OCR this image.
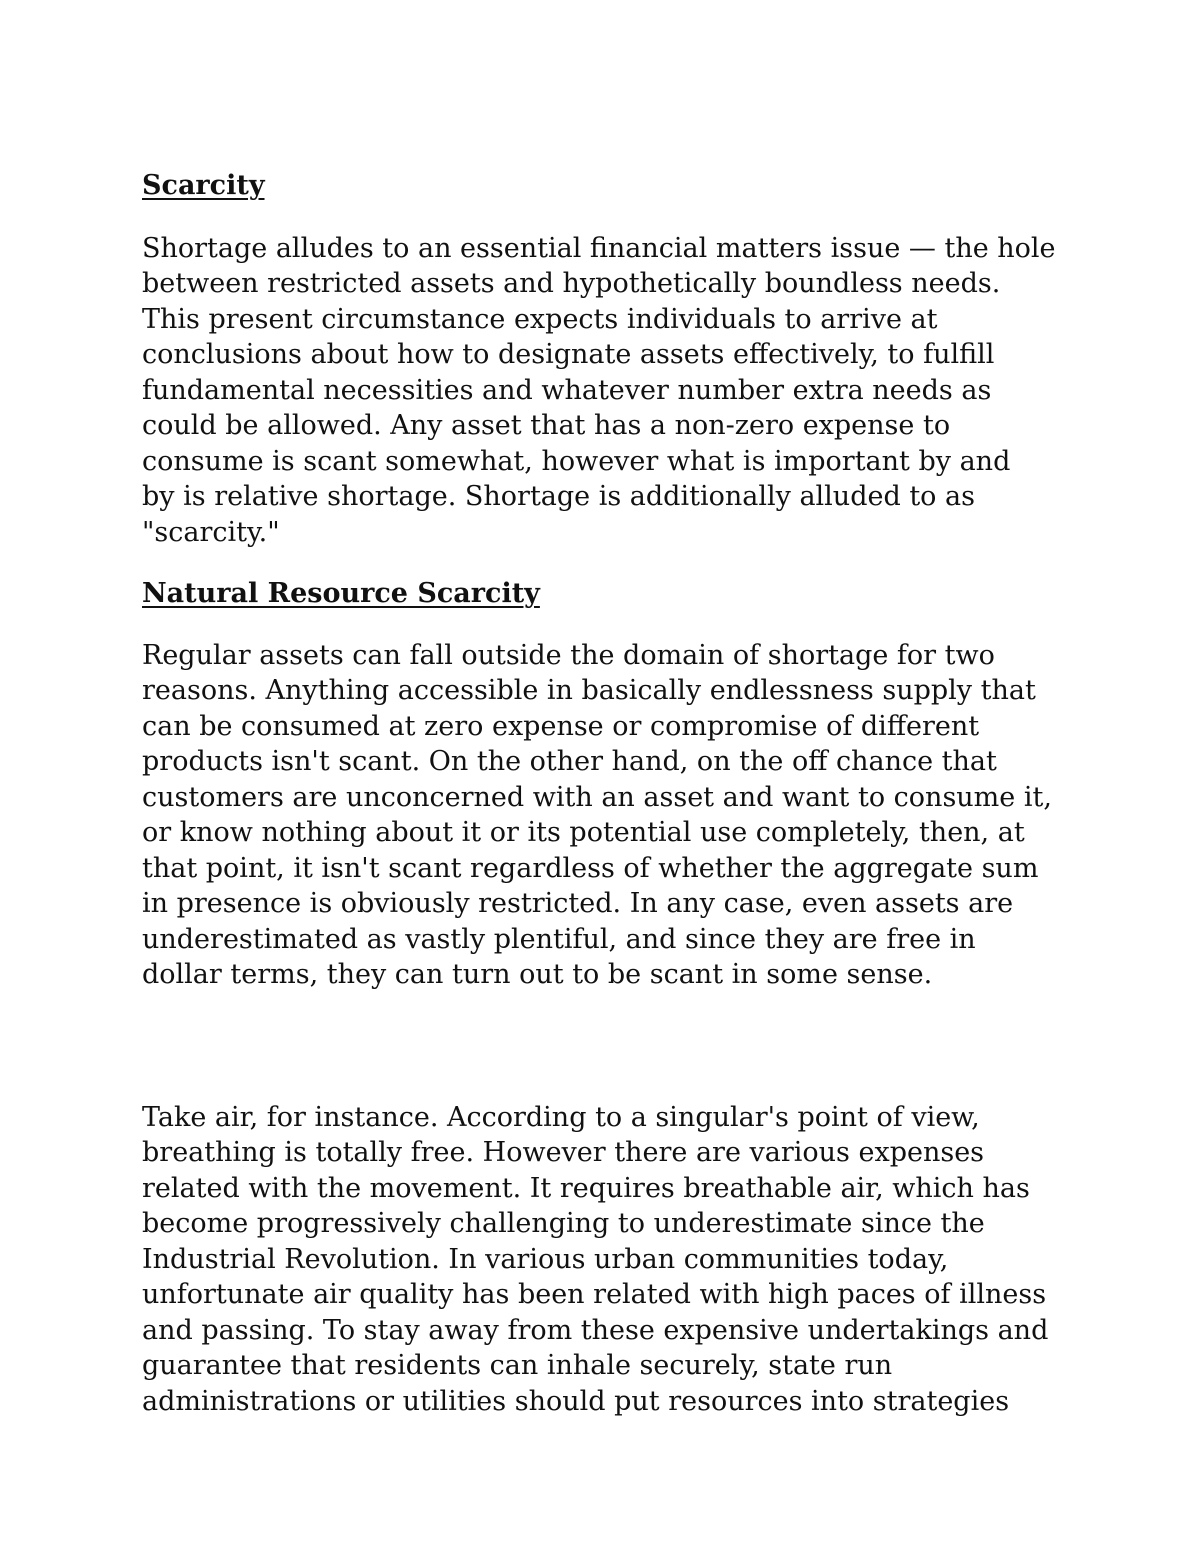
Scarcity

Shortage alludes to an essential financial matters issue — the hole
between restricted assets and hypothetically boundless needs.
This present circumstance expects individuals to arrive at
conclusions about how to designate assets effectively, to fulfill
fundamental necessities and whatever number extra needs as
could be allowed. Any asset that has a non-zero expense to
consume is scant somewhat, however what is important by and
by is relative shortage. Shortage is additionally alluded to as
"scarcity."

Natural Resource Scarcity

Regular assets can fall outside the domain of shortage for two
reasons. Anything accessible in basically endlessness supply that
can be consumed at zero expense or compromise of different
products isn't scant. On the other hand, on the off chance that
customers are unconcerned with an asset and want to consume it,
or know nothing about it or its potential use completely, then, at
that point, it isn't scant regardless of whether the aggregate sum
in presence is obviously restricted. In any case, even assets are
underestimated as vastly plentiful, and since they are free in
dollar terms, they can turn out to be scant in some sense.

Take air, for instance. According to a singular's point of view,
breathing is totally free. However there are various expenses
related with the movement. It requires breathable air, which has
become progressively challenging to underestimate since the
Industrial Revolution. In various urban communities today,
unfortunate air quality has been related with high paces of illness
and passing. To stay away from these expensive undertakings and
guarantee that residents can inhale securely, state run
administrations or utilities should put resources into strategies
